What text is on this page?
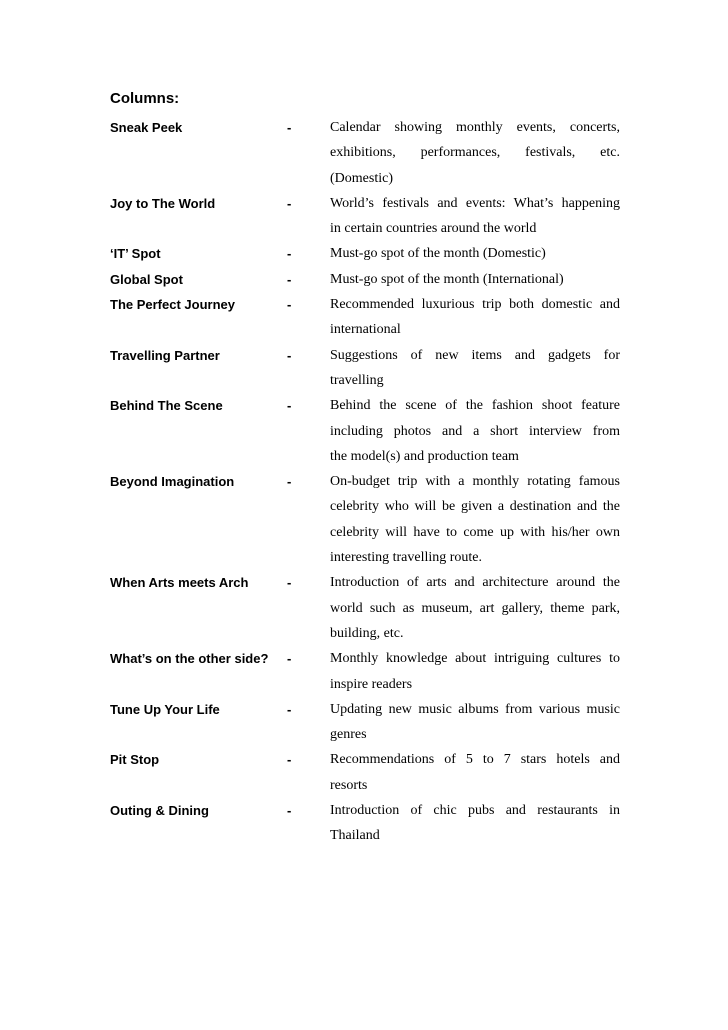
Columns:
Sneak Peek	-	Calendar showing monthly events, concerts,
exhibitions, performances, festivals, etc.
(Domestic)
Joy to The World	-	World’s festivals and events: What’s happening
in certain countries around the world
‘IT’ Spot	-	Must-go spot of the month (Domestic)
Global Spot	-	Must-go spot of the month (International)
The Perfect Journey	-	Recommended luxurious trip both domestic and
international
Travelling Partner	-	Suggestions of new items and gadgets for
travelling
Behind The Scene	-	Behind the scene of the fashion shoot feature
including photos and a short interview from
the model(s) and production team
Beyond Imagination	-	On-budget trip with a monthly rotating famous
celebrity who will be given a destination and the
celebrity will have to come up with his/her own
interesting travelling route.
When Arts meets Arch	-	Introduction of arts and architecture around the
world such as museum, art gallery, theme park,
building, etc.
What’s on the other side?	-	Monthly knowledge about intriguing cultures to
inspire readers
Tune Up Your Life	-	Updating new music albums from various music
genres
Pit Stop	-	Recommendations of 5 to 7 stars hotels and
resorts
Outing & Dining	-	Introduction of chic pubs and restaurants in
Thailand
